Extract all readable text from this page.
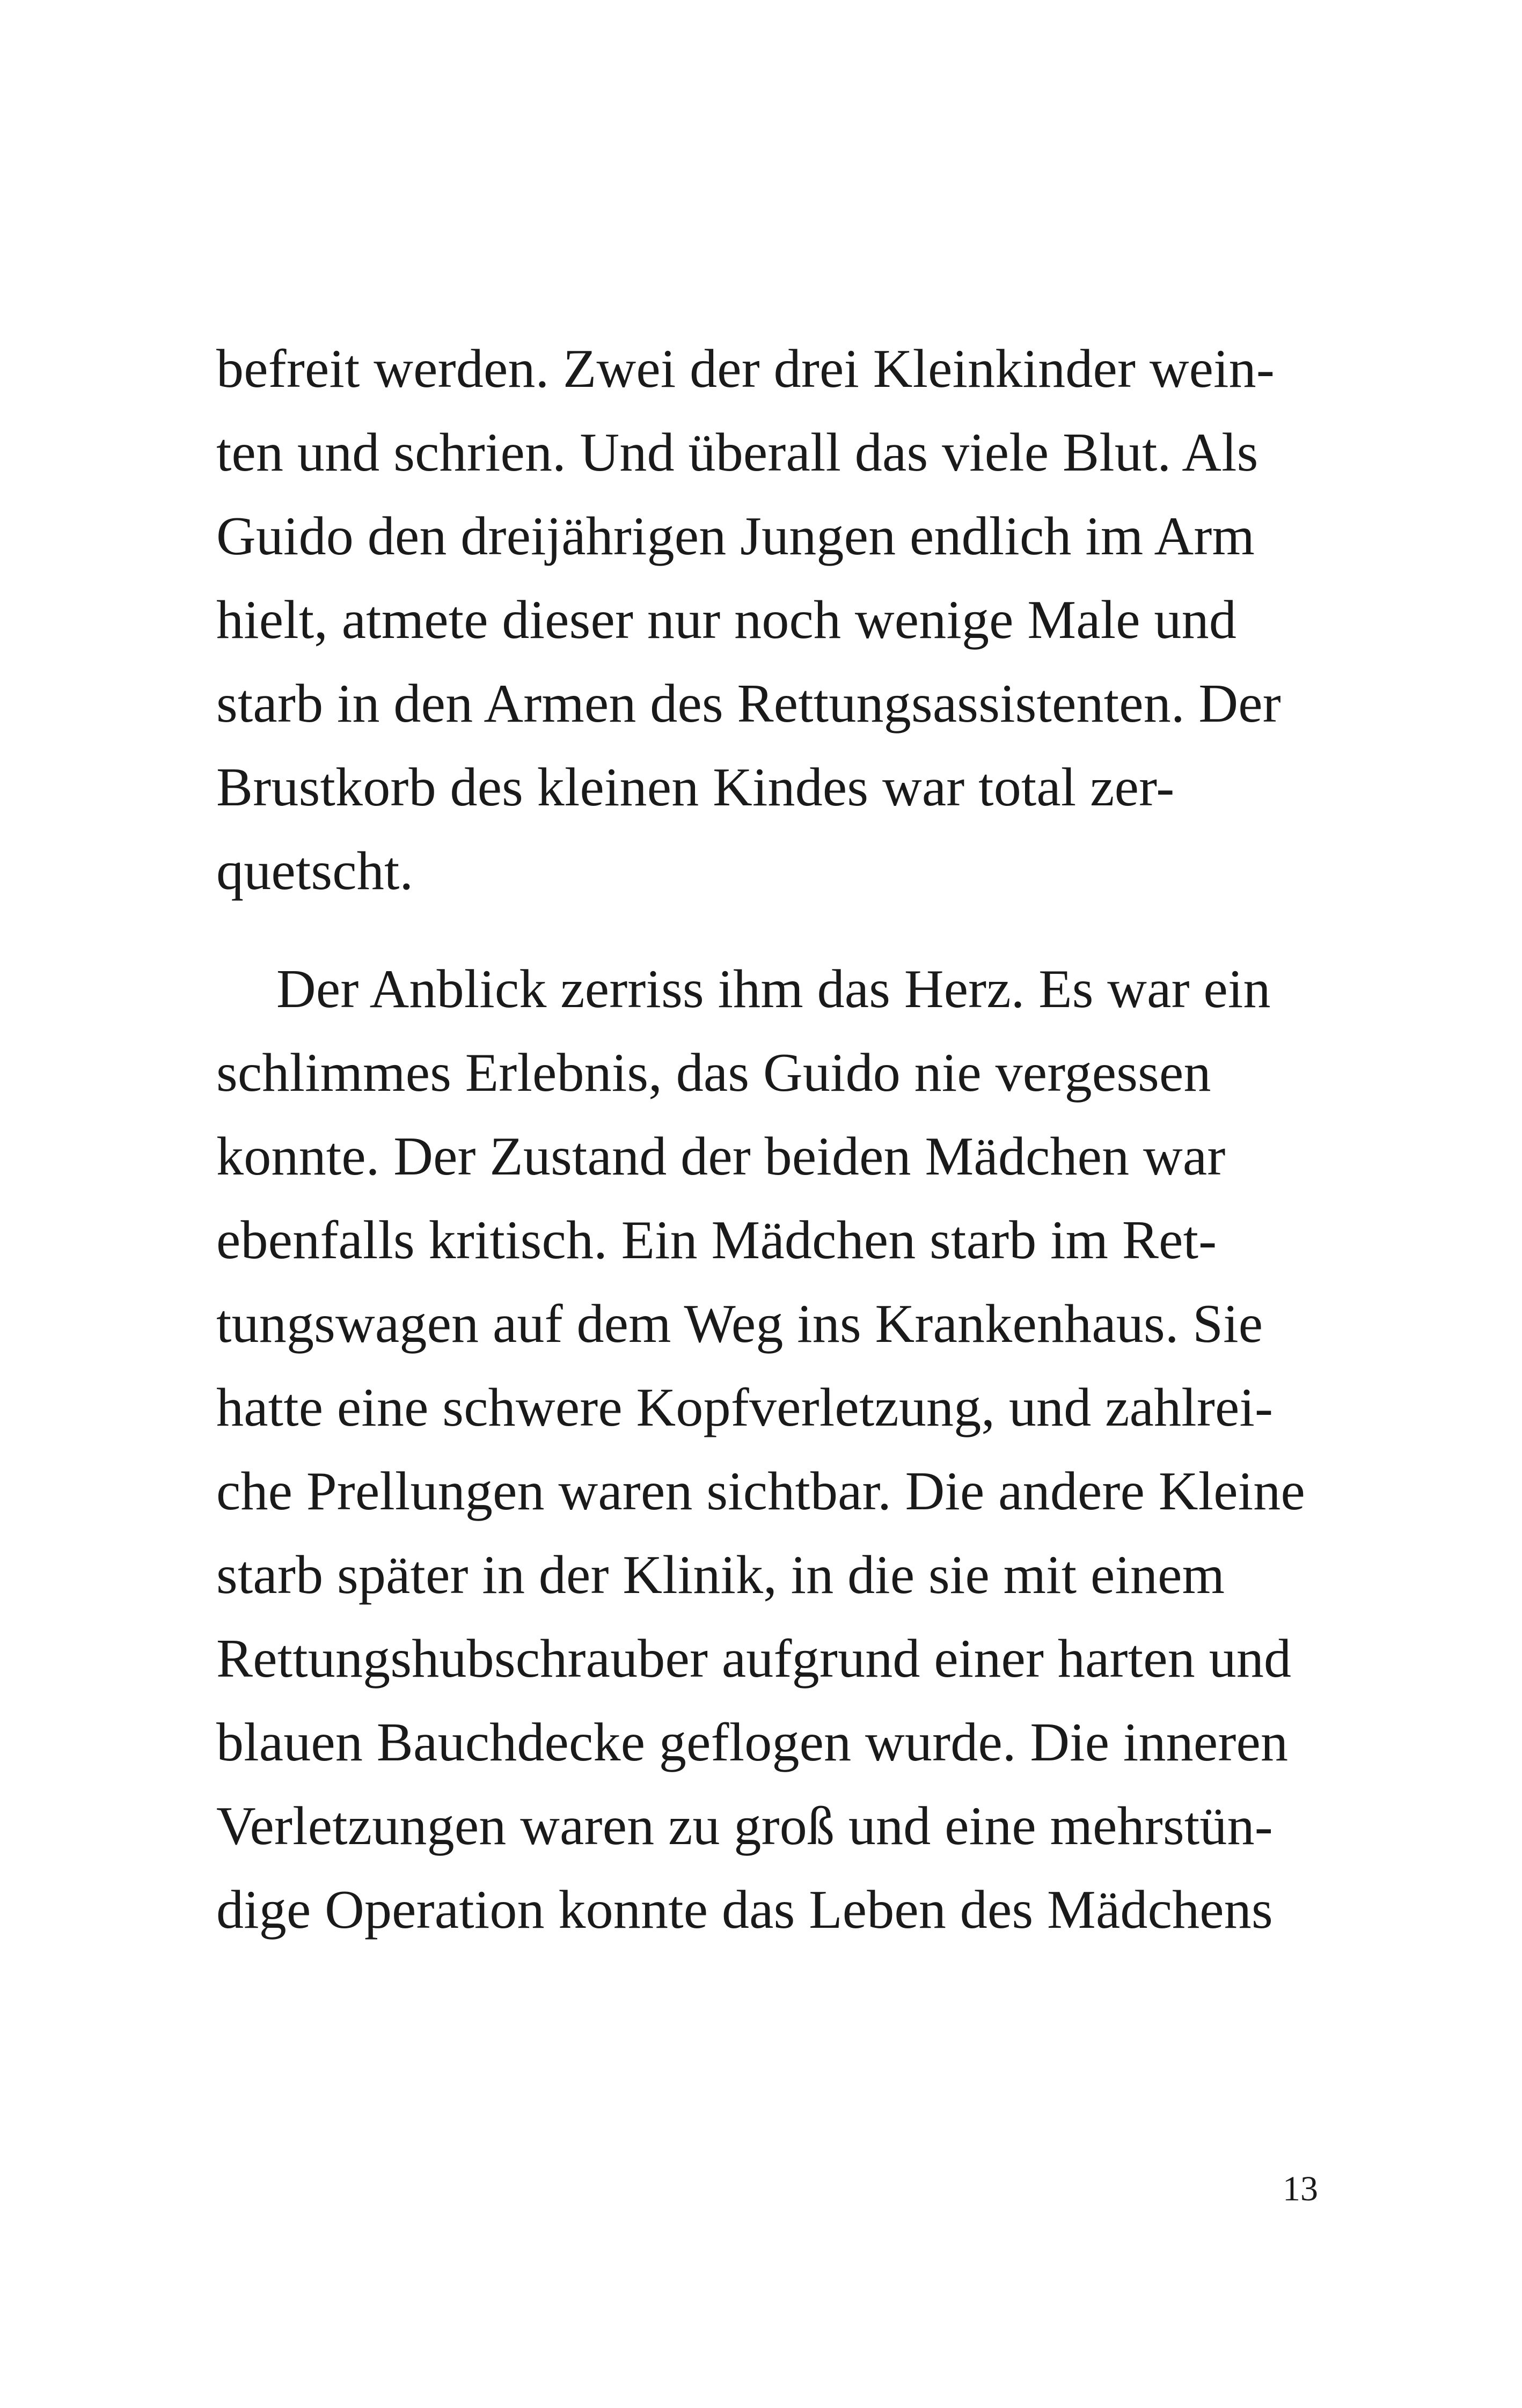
befreit werden. Zwei der drei Kleinkinder wein-
ten und schrien. Und überall das viele Blut. Als
Guido den dreijährigen Jungen endlich im Arm
hielt, atmete dieser nur noch wenige Male und
starb in den Armen des Rettungsassistenten. Der
Brustkorb des kleinen Kindes war total zer-
quetscht.
Der Anblick zerriss ihm das Herz. Es war ein
schlimmes Erlebnis, das Guido nie vergessen
konnte. Der Zustand der beiden Mädchen war
ebenfalls kritisch. Ein Mädchen starb im Ret-
tungswagen auf dem Weg ins Krankenhaus. Sie
hatte eine schwere Kopfverletzung, und zahlrei-
che Prellungen waren sichtbar. Die andere Kleine
starb später in der Klinik, in die sie mit einem
Rettungshubschrauber aufgrund einer harten und
blauen Bauchdecke geflogen wurde. Die inneren
Verletzungen waren zu groß und eine mehrstün-
dige Operation konnte das Leben des Mädchens
13
